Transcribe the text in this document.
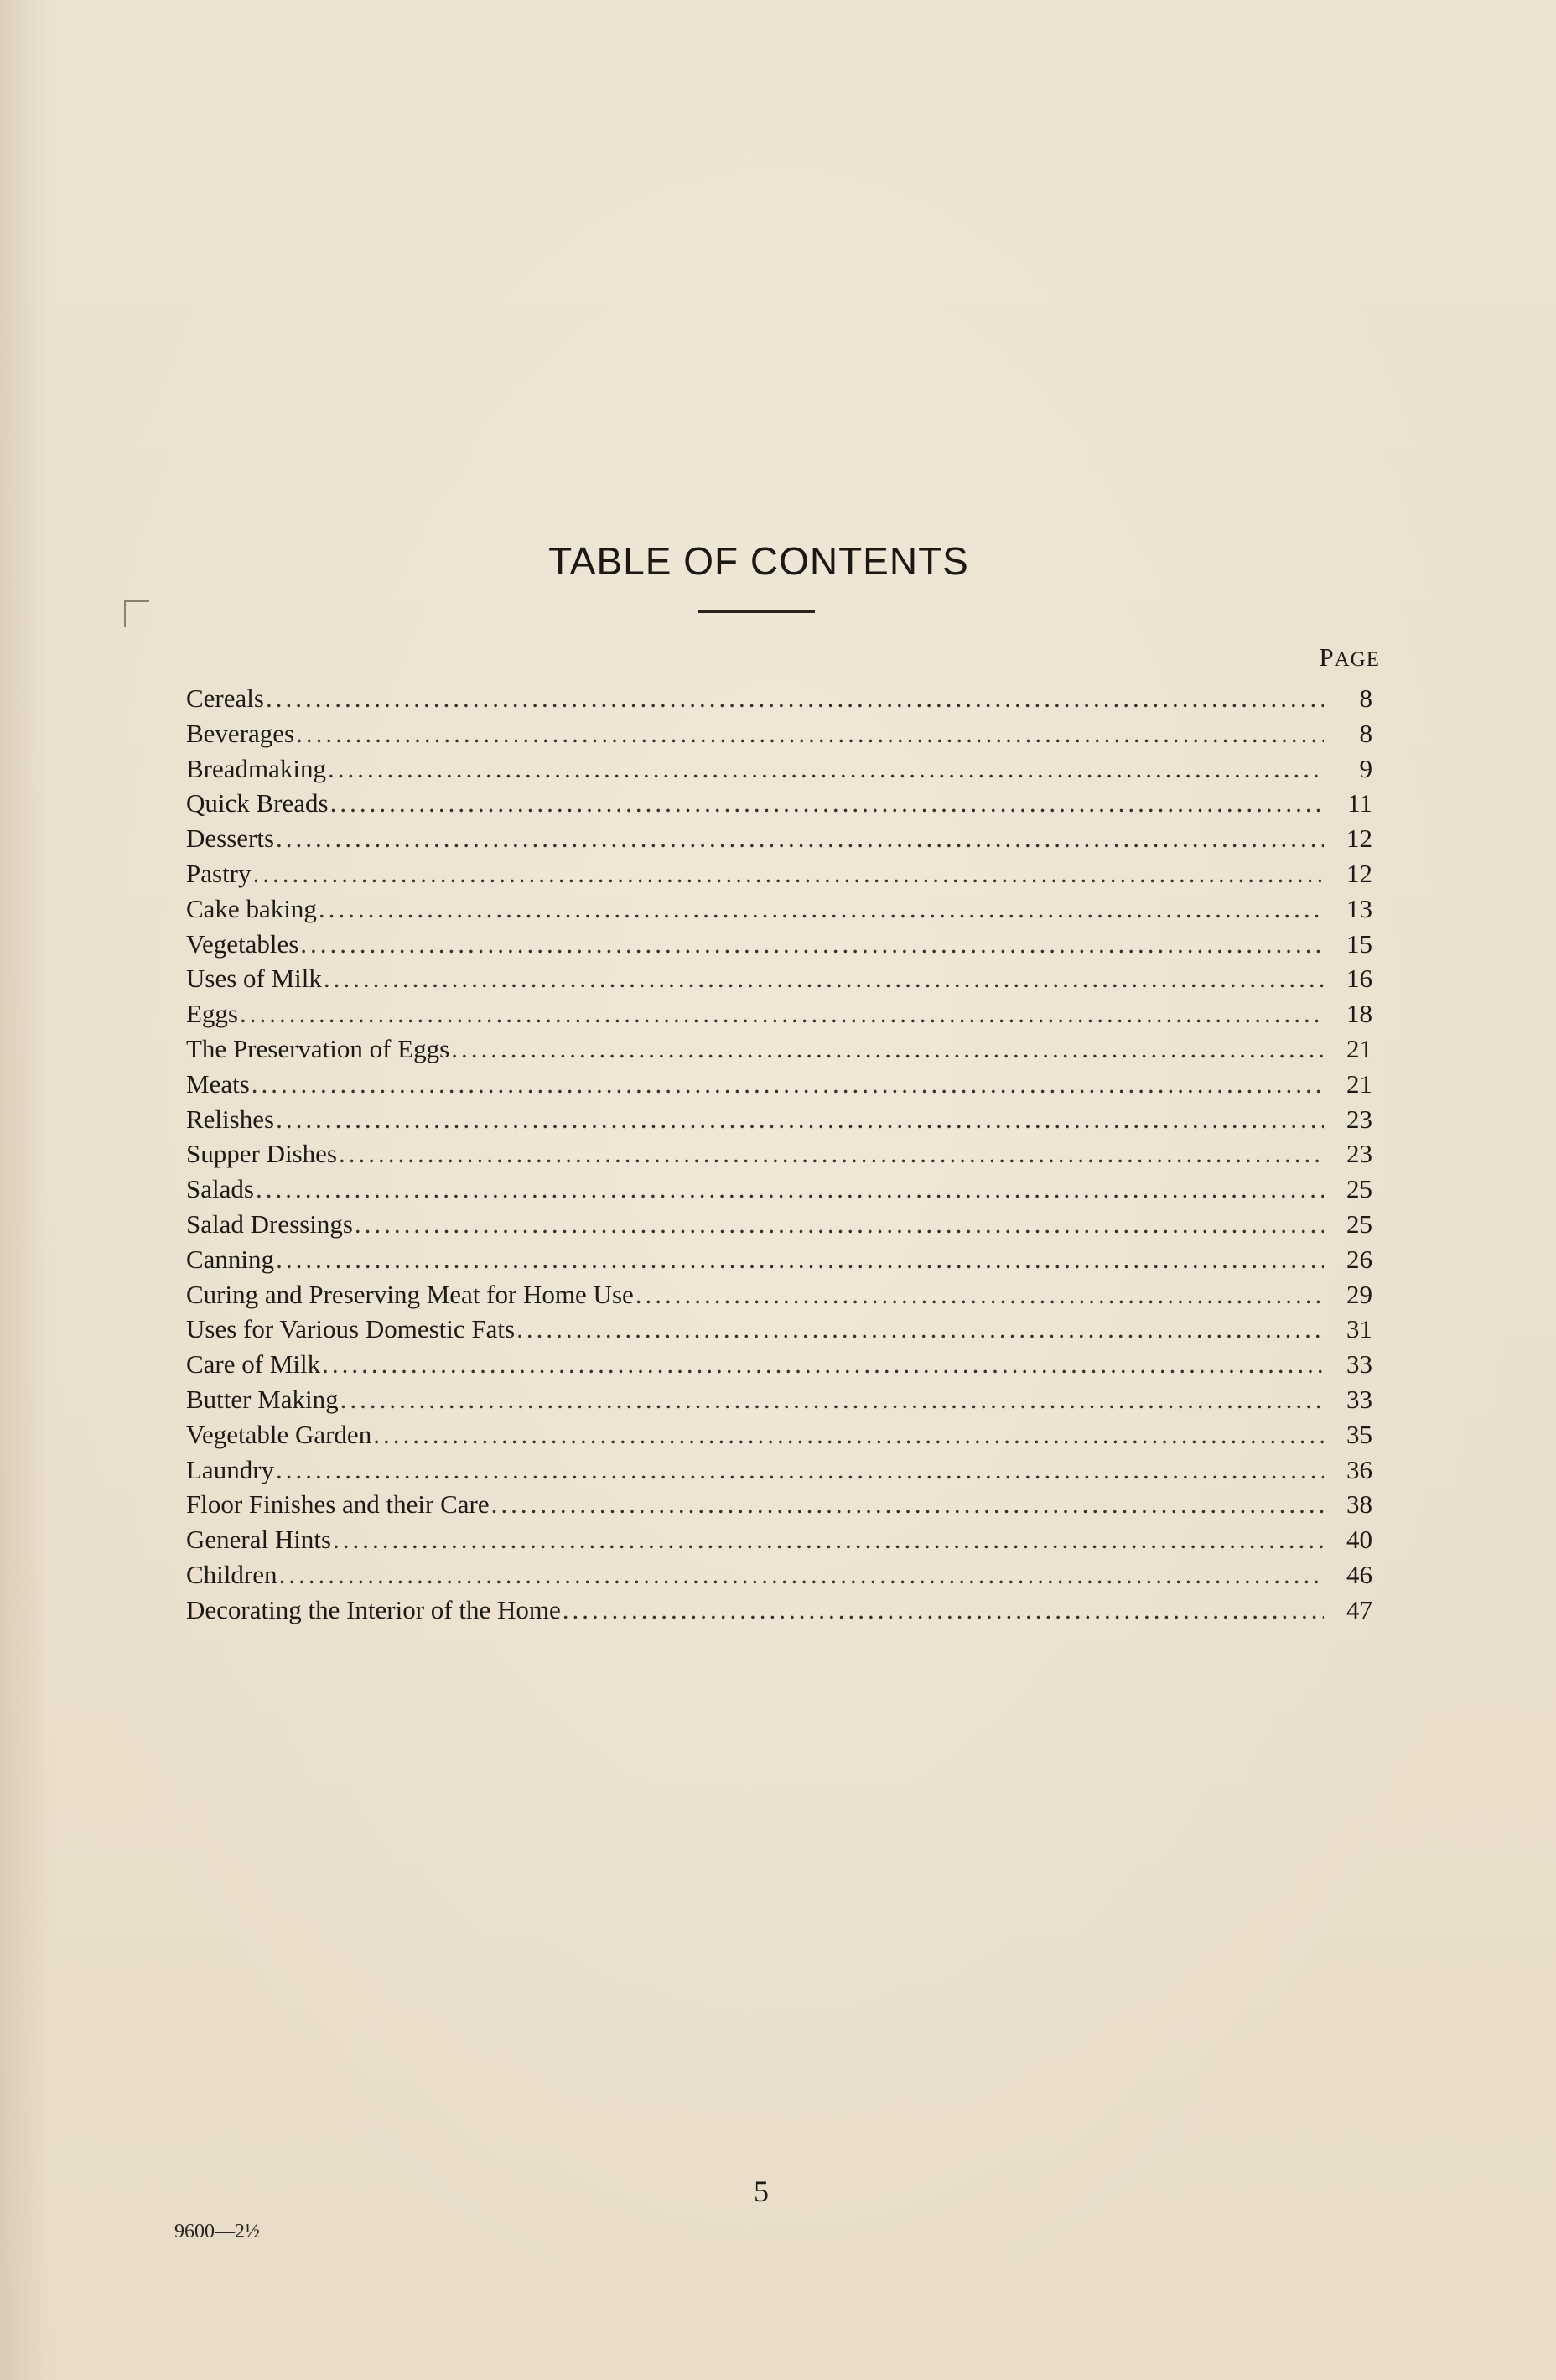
TABLE OF CONTENTS
PAGE
Cereals .....	8
Beverages .....	8
Breadmaking .....	9
Quick Breads .....	11
Desserts .....	12
Pastry .....	12
Cake baking .....	13
Vegetables .....	15
Uses of Milk .....	16
Eggs .....	18
The Preservation of Eggs .....	21
Meats .....	21
Relishes .....	23
Supper Dishes .....	23
Salads .....	25
Salad Dressings .....	25
Canning .....	26
Curing and Preserving Meat for Home Use .....	29
Uses for Various Domestic Fats .....	31
Care of Milk .....	33
Butter Making .....	33
Vegetable Garden .....	35
Laundry .....	36
Floor Finishes and their Care .....	38
General Hints .....	40
Children .....	46
Decorating the Interior of the Home .....	47
5
9600—2½
